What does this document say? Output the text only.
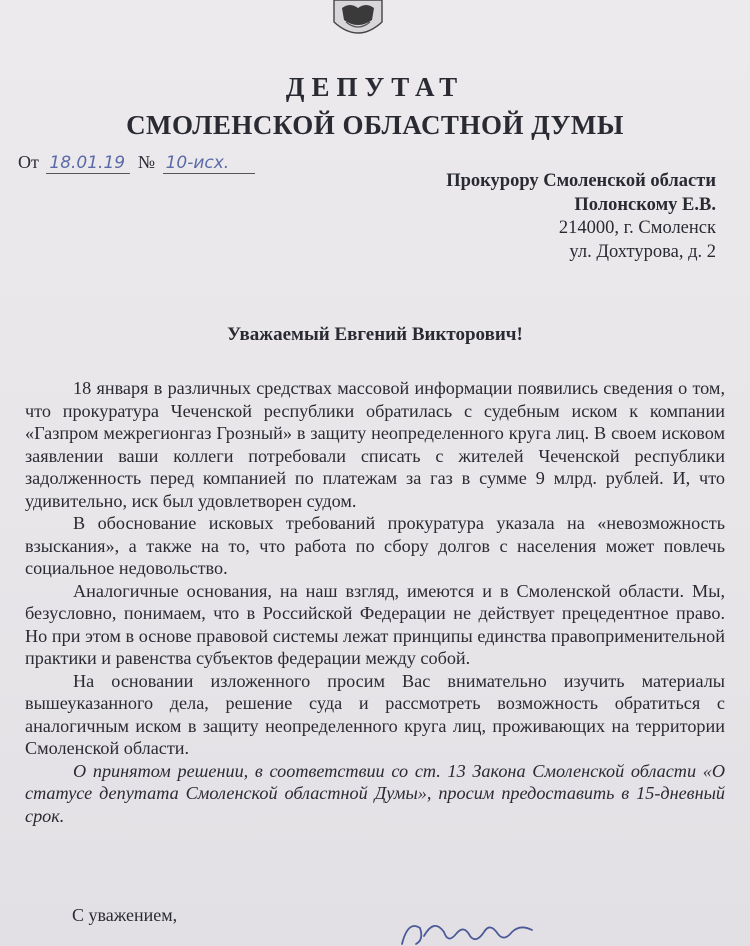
ДЕПУТАТ
СМОЛЕНСКОЙ ОБЛАСТНОЙ ДУМЫ
От 18.01.19 № 10-исх.
Прокурору Смоленской области
Полонскому Е.В.
214000, г. Смоленск
ул. Дохтурова, д. 2
Уважаемый Евгений Викторович!

18 января в различных средствах массовой информации появились сведения о том, что прокуратура Чеченской республики обратилась с судебным иском к компании «Газпром межрегионгаз Грозный» в защиту неопределенного круга лиц. В своем исковом заявлении ваши коллеги потребовали списать с жителей Чеченской республики задолженность перед компанией по платежам за газ в сумме 9 млрд. рублей. И, что удивительно, иск был удовлетворен судом.

В обоснование исковых требований прокуратура указала на «невозможность взыскания», а также на то, что работа по сбору долгов с населения может повлечь социальное недовольство.

Аналогичные основания, на наш взгляд, имеются и в Смоленской области. Мы, безусловно, понимаем, что в Российской Федерации не действует прецедентное право. Но при этом в основе правовой системы лежат принципы единства правоприменительной практики и равенства субъектов федерации между собой.

На основании изложенного просим Вас внимательно изучить материалы вышеуказанного дела, решение суда и рассмотреть возможность обратиться с аналогичным иском в защиту неопределенного круга лиц, проживающих на территории Смоленской области.

О принятом решении, в соответствии со ст. 13 Закона Смоленской области «О статусе депутата Смоленской областной Думы», просим предоставить в 15-дневный срок.

С уважением,
